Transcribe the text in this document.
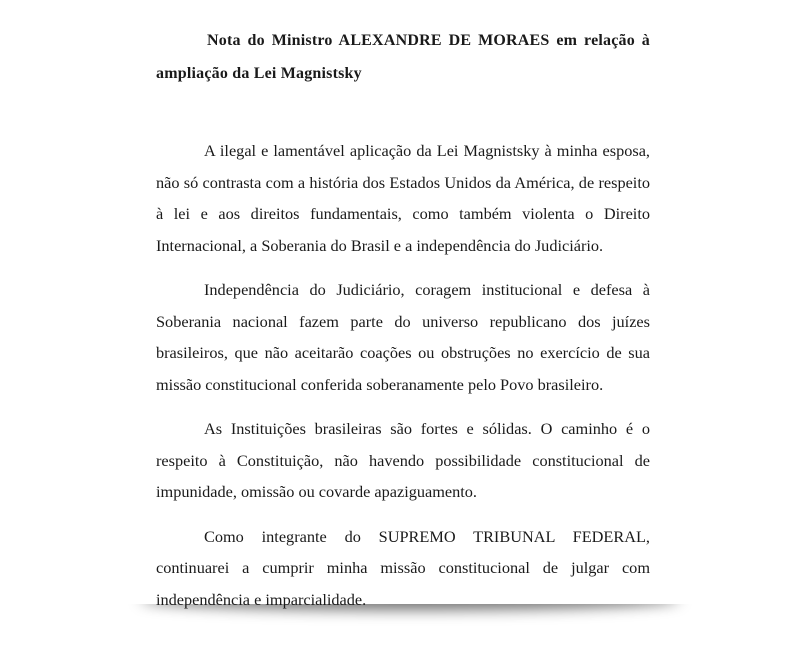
Nota do Ministro ALEXANDRE DE MORAES em relação à ampliação da Lei Magnistsky

A ilegal e lamentável aplicação da Lei Magnistsky à minha esposa, não só contrasta com a história dos Estados Unidos da América, de respeito à lei e aos direitos fundamentais, como também violenta o Direito Internacional, a Soberania do Brasil e a independência do Judiciário.

Independência do Judiciário, coragem institucional e defesa à Soberania nacional fazem parte do universo republicano dos juízes brasileiros, que não aceitarão coações ou obstruções no exercício de sua missão constitucional conferida soberanamente pelo Povo brasileiro.

As Instituições brasileiras são fortes e sólidas. O caminho é o respeito à Constituição, não havendo possibilidade constitucional de impunidade, omissão ou covarde apaziguamento.

Como integrante do SUPREMO TRIBUNAL FEDERAL, continuarei a cumprir minha missão constitucional de julgar com independência e imparcialidade.
